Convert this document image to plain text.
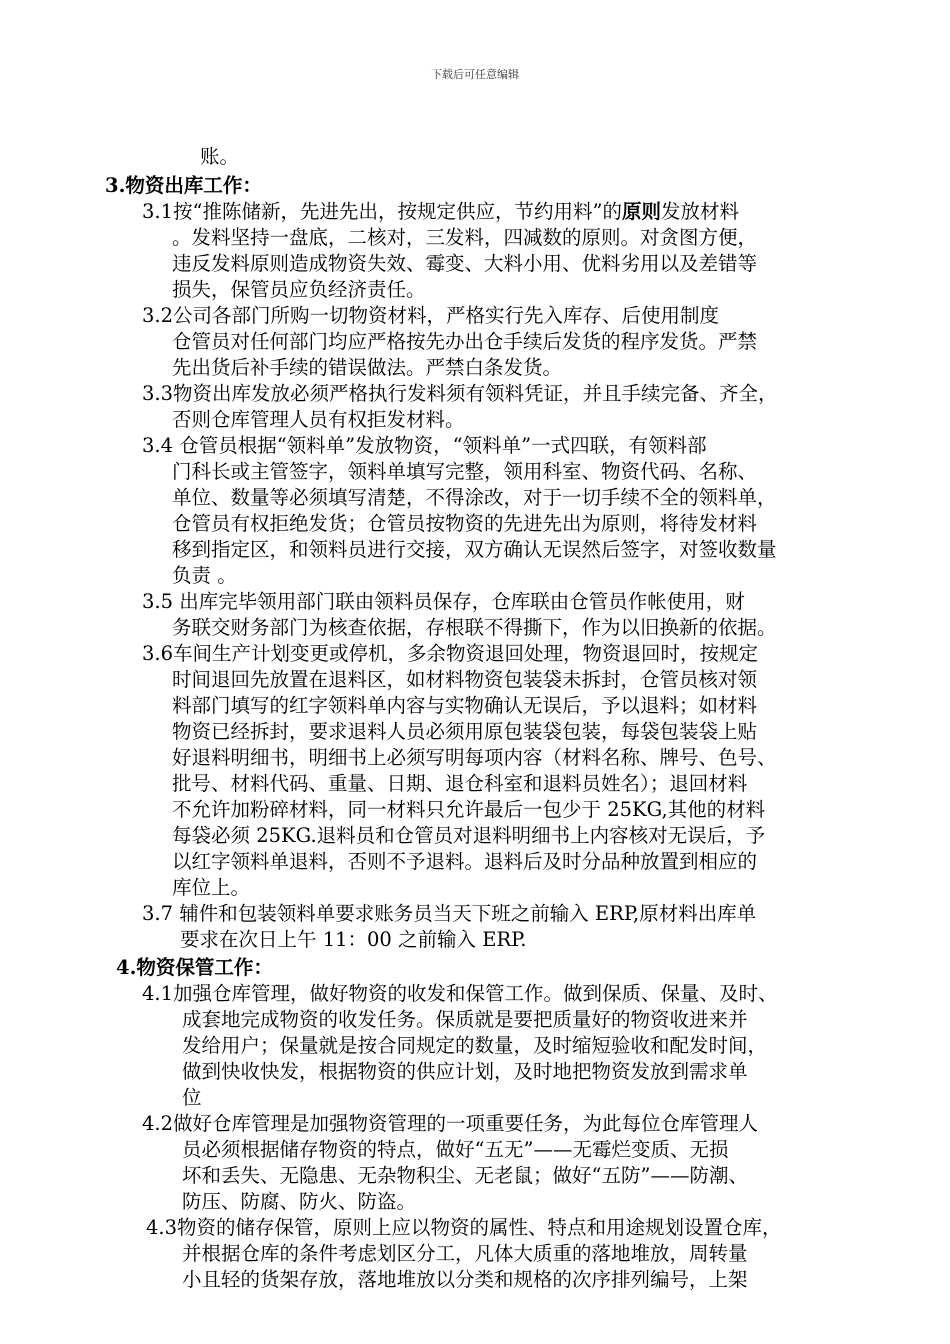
下载后可任意编辑
账。
3.物资出库工作：
3.1按“推陈储新，先进先出，按规定供应，节约用料”的原则发放材料
。发料坚持一盘底，二核对，三发料，四减数的原则。对贪图方便，
违反发料原则造成物资失效、霉变、大料小用、优料劣用以及差错等
损失，保管员应负经济责任。
3.2公司各部门所购一切物资材料，严格实行先入库存、后使用制度
仓管员对任何部门均应严格按先办出仓手续后发货的程序发货。严禁
先出货后补手续的错误做法。严禁白条发货。
3.3物资出库发放必须严格执行发料须有领料凭证，并且手续完备、齐全，
否则仓库管理人员有权拒发材料。
3.4 仓管员根据“领料单”发放物资，“领料单”一式四联，有领料部
门科长或主管签字，领料单填写完整，领用科室、物资代码、名称、
单位、数量等必须填写清楚，不得涂改，对于一切手续不全的领料单，
仓管员有权拒绝发货；仓管员按物资的先进先出为原则，将待发材料
移到指定区，和领料员进行交接，双方确认无误然后签字，对签收数量
负责 。
3.5 出库完毕领用部门联由领料员保存，仓库联由仓管员作帐使用，财
务联交财务部门为核查依据，存根联不得撕下，作为以旧换新的依据。
3.6车间生产计划变更或停机，多余物资退回处理，物资退回时，按规定
时间退回先放置在退料区，如材料物资包装袋未拆封，仓管员核对领
料部门填写的红字领料单内容与实物确认无误后，予以退料；如材料
物资已经拆封，要求退料人员必须用原包装袋包装，每袋包装袋上贴
好退料明细书，明细书上必须写明每项内容（材料名称、牌号、色号、
批号、材料代码、重量、日期、退仓科室和退料员姓名）；退回材料
不允许加粉碎材料，同一材料只允许最后一包少于 25KG,其他的材料
每袋必须 25KG.退料员和仓管员对退料明细书上内容核对无误后，予
以红字领料单退料，否则不予退料。退料后及时分品种放置到相应的
库位上。
3.7 辅件和包装领料单要求账务员当天下班之前输入 ERP,原材料出库单
要求在次日上午 11：00 之前输入 ERP.
4.物资保管工作：
4.1加强仓库管理，做好物资的收发和保管工作。做到保质、保量、及时、
成套地完成物资的收发任务。保质就是要把质量好的物资收进来并
发给用户；保量就是按合同规定的数量，及时缩短验收和配发时间，
做到快收快发，根据物资的供应计划，及时地把物资发放到需求单
位
4.2做好仓库管理是加强物资管理的一项重要任务，为此每位仓库管理人
员必须根据储存物资的特点，做好“五无”——无霉烂变质、无损
坏和丢失、无隐患、无杂物积尘、无老鼠；做好“五防”——防潮、
防压、防腐、防火、防盗。
4.3物资的储存保管，原则上应以物资的属性、特点和用途规划设置仓库，
并根据仓库的条件考虑划区分工，凡体大质重的落地堆放，周转量
小且轻的货架存放，落地堆放以分类和规格的次序排列编号，上架
